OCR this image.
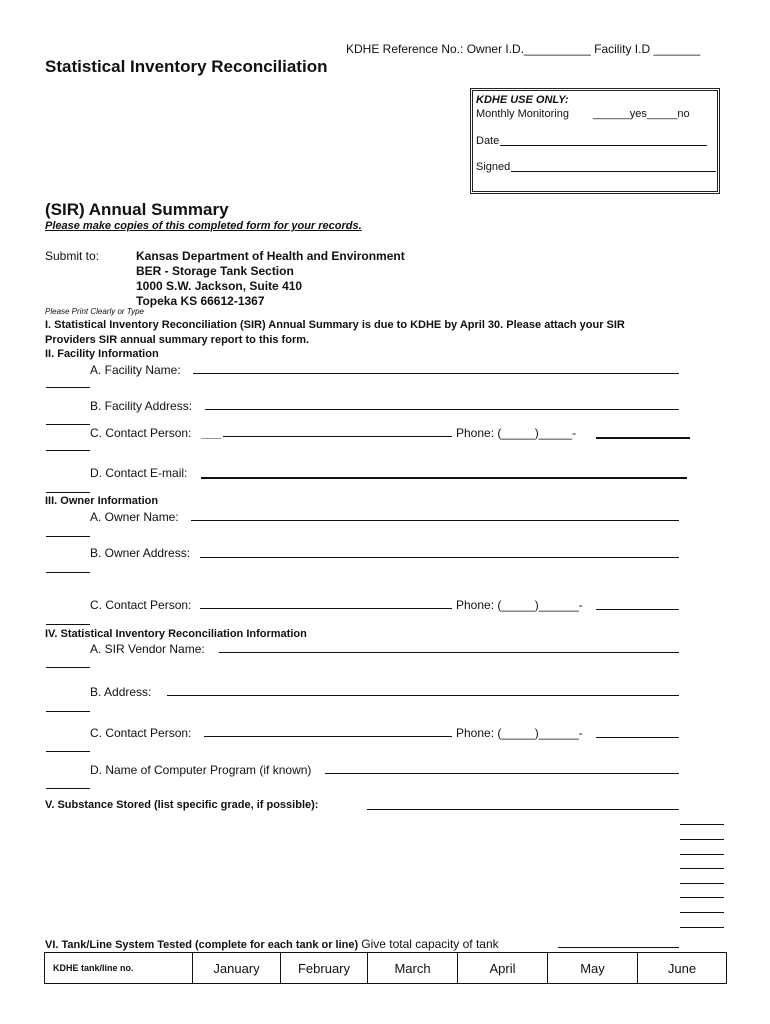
KDHE Reference No.: Owner I.D.__________ Facility I.D _______
Statistical Inventory Reconciliation
KDHE USE ONLY:
Monthly Monitoring ______yes_____no
Date
Signed
(SIR) Annual Summary
Please make copies of this completed form for your records.
Submit to:	Kansas Department of Health and Environment
BER - Storage Tank Section
1000 S.W. Jackson, Suite 410
Topeka KS 66612-1367
Please Print Clearly or Type
I. Statistical Inventory Reconciliation (SIR) Annual Summary is due to KDHE by April 30. Please attach your SIR
Providers SIR annual summary report to this form.
II. Facility Information
A. Facility Name:
B. Facility Address:
C. Contact Person: ___	Phone: (_____)_____-
D. Contact E-mail:
III. Owner Information
A. Owner Name:
B. Owner Address:
C. Contact Person:	Phone: (_____)______-
IV. Statistical Inventory Reconciliation Information
A. SIR Vendor Name:
B. Address:
C. Contact Person:	Phone: (_____)______-
D. Name of Computer Program (if known)
V. Substance Stored (list specific grade, if possible):
VI. Tank/Line System Tested (complete for each tank or line) Give total capacity of tank
KDHE tank/line no.	January	February	March	April	May	June
